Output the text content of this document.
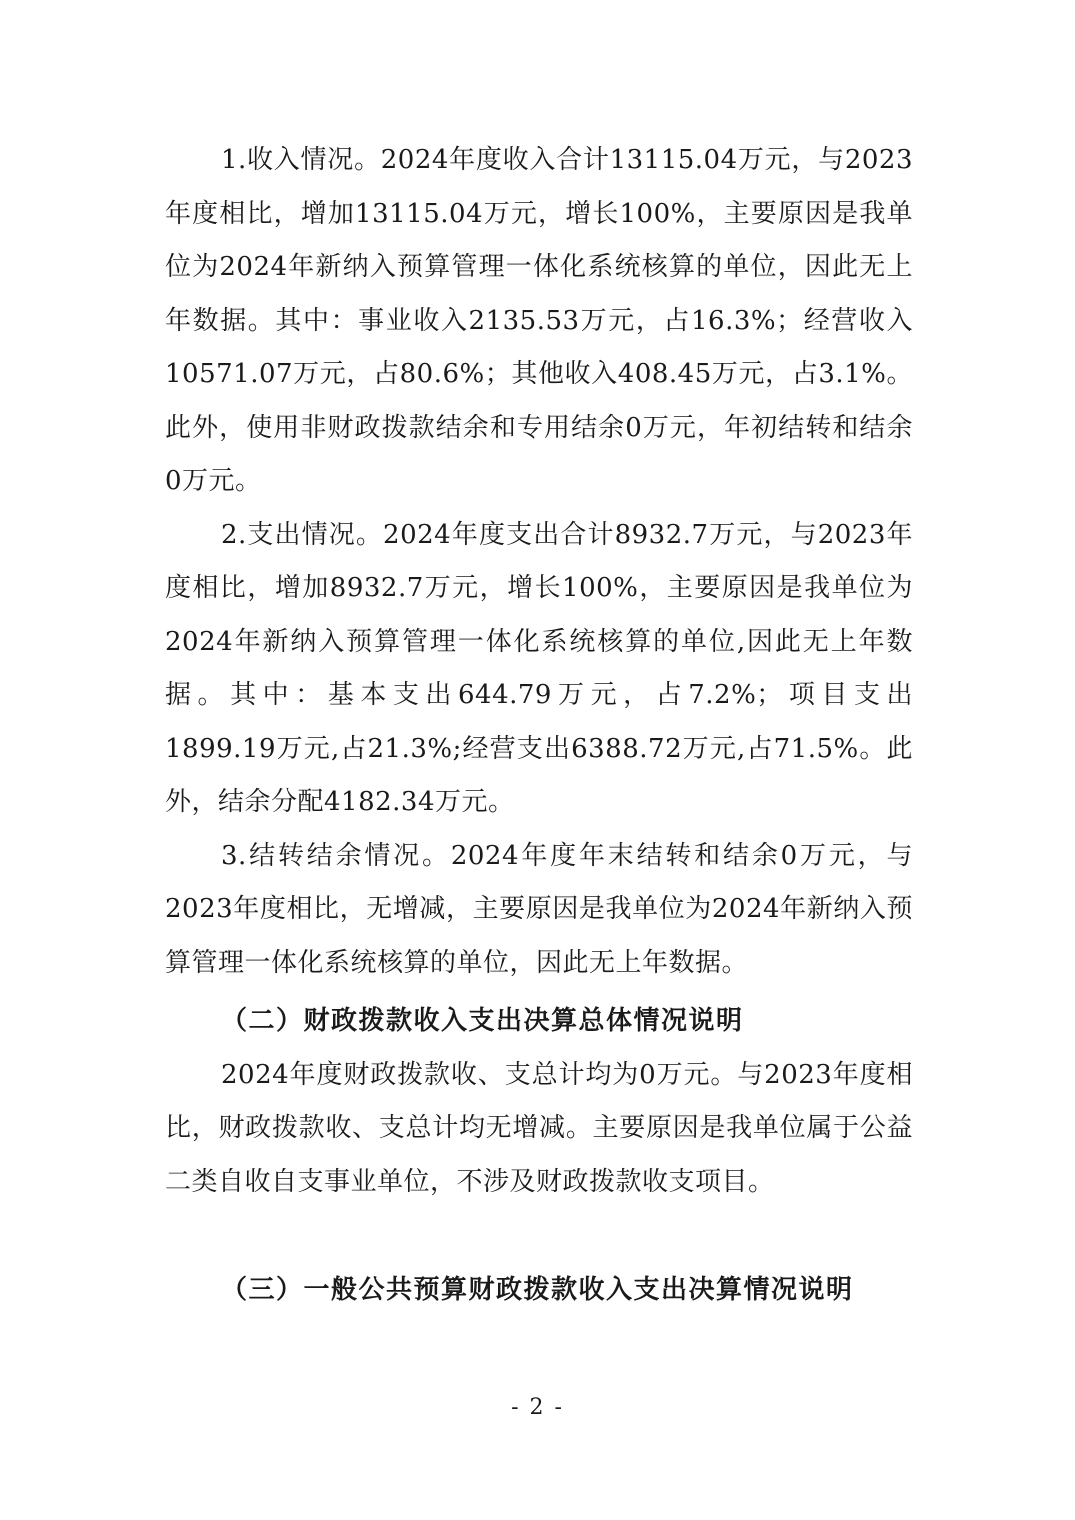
1.收入情况。2024年度收入合计13115.04万元，与2023年度相比，增加13115.04万元，增长100%，主要原因是我单位为2024年新纳入预算管理一体化系统核算的单位，因此无上年数据。其中：事业收入2135.53万元，占16.3%；经营收入10571.07万元，占80.6%；其他收入408.45万元，占3.1%。此外，使用非财政拨款结余和专用结余0万元，年初结转和结余0万元。

2.支出情况。2024年度支出合计8932.7万元，与2023年度相比，增加8932.7万元，增长100%，主要原因是我单位为2024年新纳入预算管理一体化系统核算的单位,因此无上年数据。其中：基本支出644.79万元，占7.2%；项目支出1899.19万元,占21.3%;经营支出6388.72万元,占71.5%。此外，结余分配4182.34万元。

3.结转结余情况。2024年度年末结转和结余0万元，与2023年度相比，无增减，主要原因是我单位为2024年新纳入预算管理一体化系统核算的单位，因此无上年数据。

（二）财政拨款收入支出决算总体情况说明

2024年度财政拨款收、支总计均为0万元。与2023年度相比，财政拨款收、支总计均无增减。主要原因是我单位属于公益二类自收自支事业单位，不涉及财政拨款收支项目。

（三）一般公共预算财政拨款收入支出决算情况说明

- 2 -
